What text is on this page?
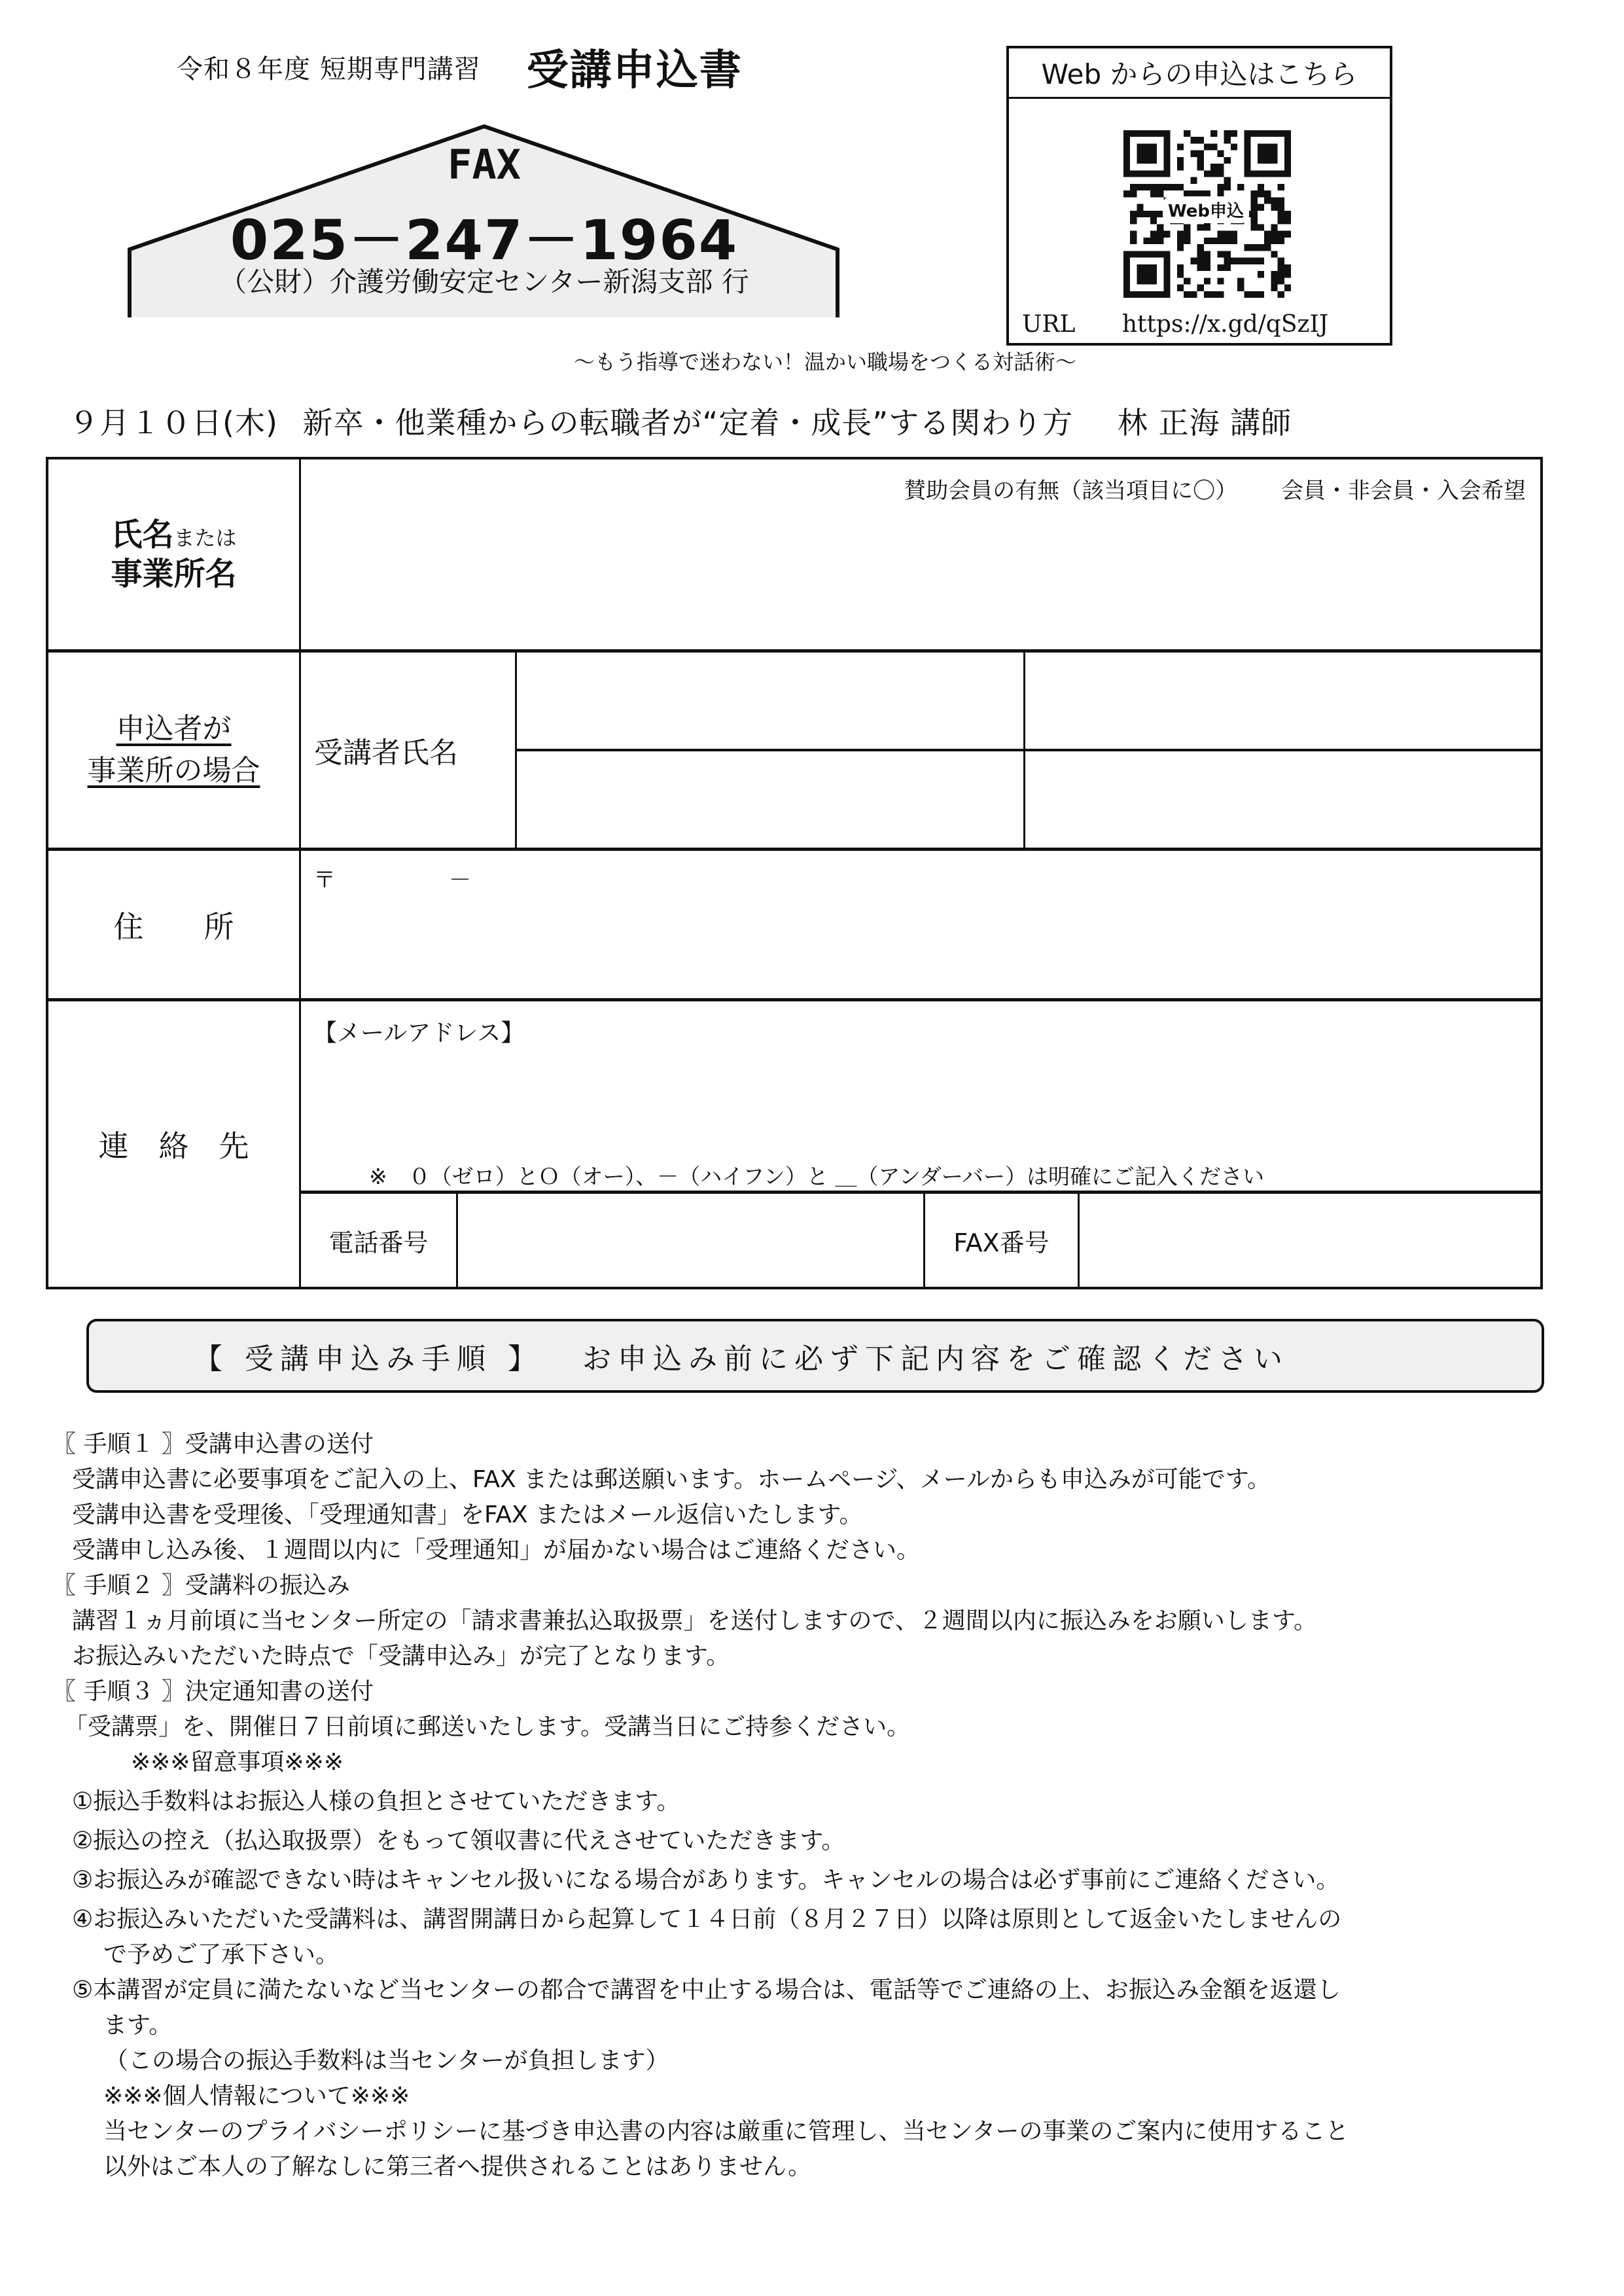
令和８年度 短期専門講習 受講申込書
FAX
025－247－1964
（公財）介護労働安定センター新潟支部 行
Web からの申込はこちら
Web申込
URL https://x.gd/qSzIJ
～もう指導で迷わない！温かい職場をつくる対話術～
９月１０日(木) 新卒・他業種からの転職者が“定着・成長”する関わり方 林 正海 講師
氏名または
事業所名
賛助会員の有無（該当項目に〇） 会員・非会員・入会希望
申込者が
事業所の場合
受講者氏名
住　　所
〒	－
連　絡　先
【メールアドレス】
※　０（ゼロ）とＯ（オー）、－（ハイフン）と ＿（アンダーバー）は明確にご記入ください
電話番号	FAX番号
【 受講申込み手順 】 お申込み前に必ず下記内容をご確認ください
〖 手順１ 〗受講申込書の送付
受講申込書に必要事項をご記入の上、FAX または郵送願います。ホームページ、メールからも申込みが可能です。
受講申込書を受理後、「受理通知書」をFAX またはメール返信いたします。
受講申し込み後、１週間以内に「受理通知」が届かない場合はご連絡ください。
〖 手順２ 〗受講料の振込み
講習１ヵ月前頃に当センター所定の「請求書兼払込取扱票」を送付しますので、２週間以内に振込みをお願いします。
お振込みいただいた時点で「受講申込み」が完了となります。
〖 手順３ 〗決定通知書の送付
「受講票」を、開催日７日前頃に郵送いたします。受講当日にご持参ください。
※※※留意事項※※※
①振込手数料はお振込人様の負担とさせていただきます。
②振込の控え（払込取扱票）をもって領収書に代えさせていただきます。
③お振込みが確認できない時はキャンセル扱いになる場合があります。キャンセルの場合は必ず事前にご連絡ください。
④お振込みいただいた受講料は、講習開講日から起算して１４日前（８月２７日）以降は原則として返金いたしませんの
で予めご了承下さい。
⑤本講習が定員に満たないなど当センターの都合で講習を中止する場合は、電話等でご連絡の上、お振込み金額を返還し
ます。
（この場合の振込手数料は当センターが負担します）
※※※個人情報について※※※
当センターのプライバシーポリシーに基づき申込書の内容は厳重に管理し、当センターの事業のご案内に使用すること
以外はご本人の了解なしに第三者へ提供されることはありません。
